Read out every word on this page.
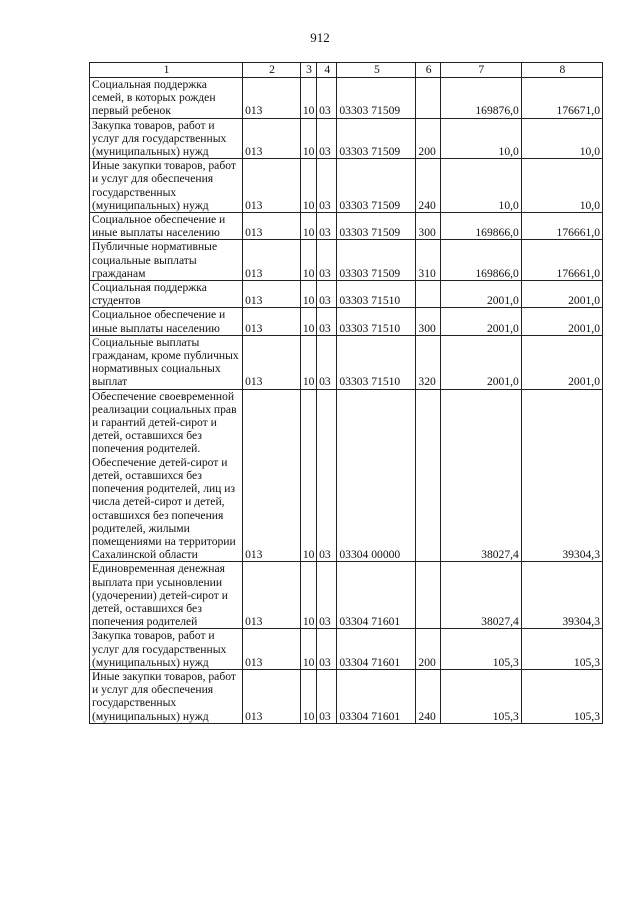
912
1	2	3	4	5	6	7	8
Социальная поддержка семей, в которых рожден первый ребенок	013	10	03	03303 71509		169876,0	176671,0
Закупка товаров, работ и услуг для государственных (муниципальных) нужд	013	10	03	03303 71509	200	10,0	10,0
Иные закупки товаров, работ и услуг для обеспечения государственных (муниципальных) нужд	013	10	03	03303 71509	240	10,0	10,0
Социальное обеспечение и иные выплаты населению	013	10	03	03303 71509	300	169866,0	176661,0
Публичные нормативные социальные выплаты гражданам	013	10	03	03303 71509	310	169866,0	176661,0
Социальная поддержка студентов	013	10	03	03303 71510		2001,0	2001,0
Социальное обеспечение и иные выплаты населению	013	10	03	03303 71510	300	2001,0	2001,0
Социальные выплаты гражданам, кроме публичных нормативных социальных выплат	013	10	03	03303 71510	320	2001,0	2001,0
Обеспечение своевременной реализации социальных прав и гарантий детей-сирот и детей, оставшихся без попечения родителей. Обеспечение детей-сирот и детей, оставшихся без попечения родителей, лиц из числа детей-сирот и детей, оставшихся без попечения родителей, жилыми помещениями на территории Сахалинской области	013	10	03	03304 00000		38027,4	39304,3
Единовременная денежная выплата при усыновлении (удочерении) детей-сирот и детей, оставшихся без попечения родителей	013	10	03	03304 71601		38027,4	39304,3
Закупка товаров, работ и услуг для государственных (муниципальных) нужд	013	10	03	03304 71601	200	105,3	105,3
Иные закупки товаров, работ и услуг для обеспечения государственных (муниципальных) нужд	013	10	03	03304 71601	240	105,3	105,3
